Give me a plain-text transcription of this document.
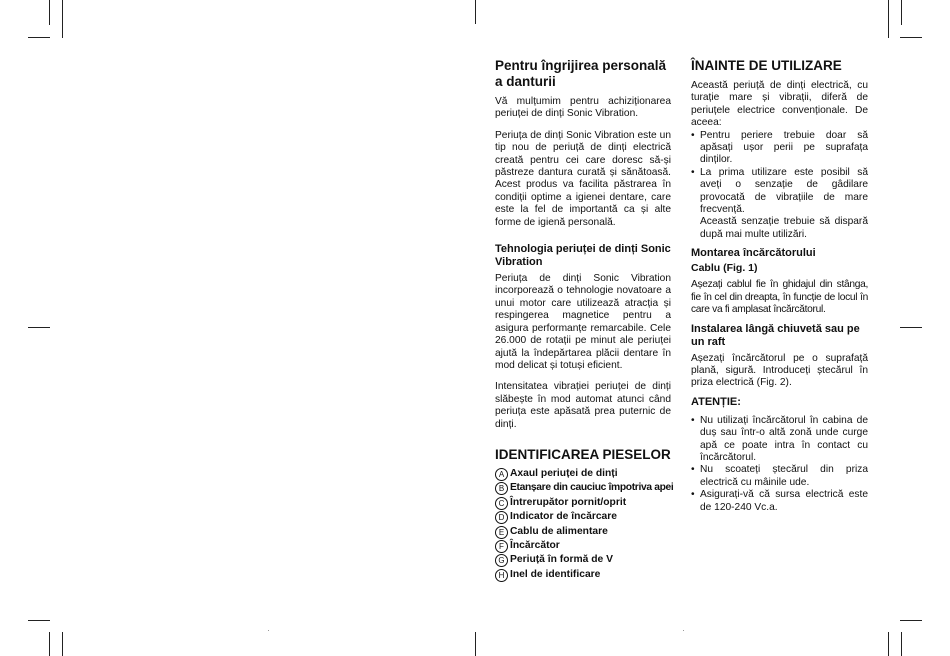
Pentru îngrijirea personală a danturii

Vă mulțumim pentru achiziționarea periuței de dinți Sonic Vibration.

Periuța de dinți Sonic Vibration este un tip nou de periuță de dinți electrică creată pentru cei care doresc să-și păstreze dantura curată și sănătoasă. Acest produs va facilita păstrarea în condiții optime a igienei dentare, care este la fel de importantă ca și alte forme de igienă personală.

Tehnologia periuței de dinți Sonic Vibration

Periuța de dinți Sonic Vibration incorporează o tehnologie novatoare a unui motor care utilizează atracția și respingerea magnetice pentru a asigura performanțe remarcabile. Cele 26.000 de rotații pe minut ale periuței ajută la îndepărtarea plăcii dentare în mod delicat și totuși eficient.

Intensitatea vibrației periuței de dinți slăbește în mod automat atunci când periuța este apăsată prea puternic de dinți.

IDENTIFICAREA PIESELOR
A Axaul periuței de dinți
B Etanșare din cauciuc împotriva apei
C Întrerupător pornit/oprit
D Indicator de încărcare
E Cablu de alimentare
F Încărcător
G Periuță în formă de V
H Inel de identificare
ÎNAINTE DE UTILIZARE

Această periuță de dinți electrică, cu turație mare și vibrații, diferă de periuțele electrice convenționale. De aceea:

• Pentru periere trebuie doar să apăsați ușor perii pe suprafața dinților.
• La prima utilizare este posibil să aveți o senzație de gâdilare provocată de vibrațiile de mare frecvență.

Această senzație trebuie să dispară după mai multe utilizări.

Montarea încărcătorului
Cablu (Fig. 1)

Așezați cablul fie în ghidajul din stânga, fie în cel din dreapta, în funcție de locul în care va fi amplasat încărcătorul.

Instalarea lângă chiuvetă sau pe un raft

Așezați încărcătorul pe o suprafață plană, sigură. Introduceți ștecărul în priza electrică (Fig. 2).

ATENȚIE:
• Nu utilizați încărcătorul în cabina de duș sau într-o altă zonă unde curge apă ce poate intra în contact cu încărcătorul.
• Nu scoateți ștecărul din priza electrică cu mâinile ude.
• Asigurați-vă că sursa electrică este de 120-240 Vc.a.
